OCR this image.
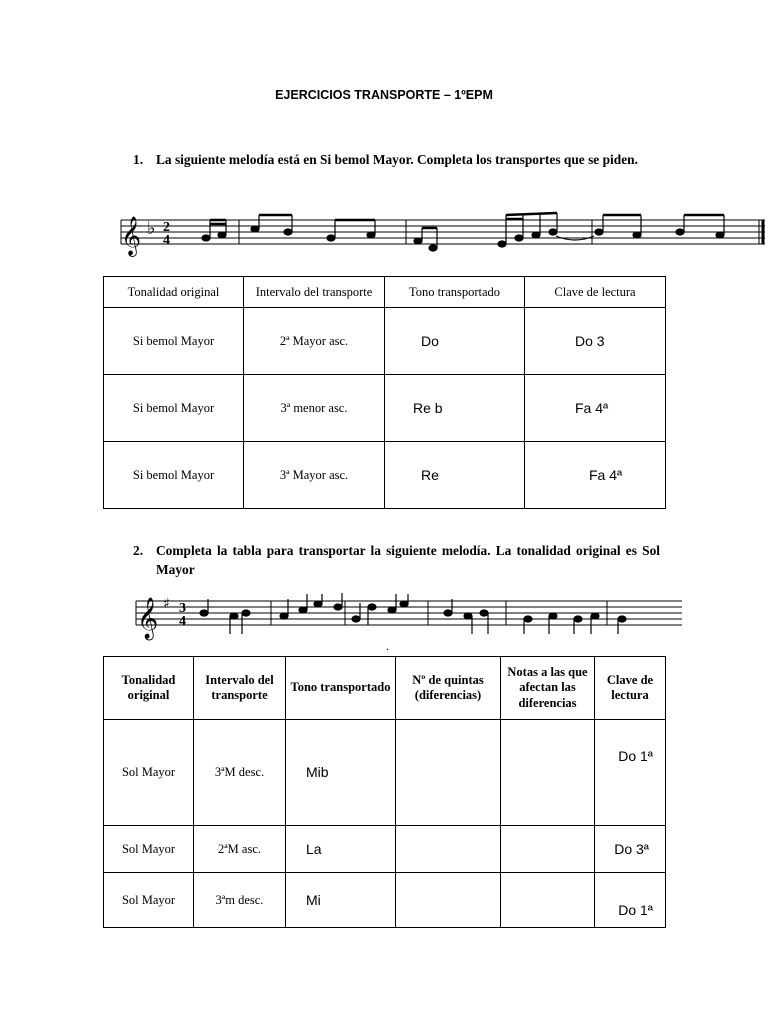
EJERCICIOS TRANSPORTE – 1ºEPM
1. La siguiente melodía está en Si bemol Mayor. Completa los transportes que se piden.
𝄞 ♭ 2
4
Tonalidad original	Intervalo del transporte	Tono transportado	Clave de lectura
Si bemol Mayor	2ª Mayor asc.	Do	Do 3
Si bemol Mayor	3ª menor asc.	Re b	Fa 4ª
Si bemol Mayor	3ª Mayor asc.	Re	Fa 4ª
2. Completa la tabla para transportar la siguiente melodía. La tonalidad original es Sol Mayor
𝄞 ♯ 3
4
.
Tonalidad original	Intervalo del transporte	Tono transportado	Nº de quintas (diferencias)	Notas a las que afectan las diferencias	Clave de lectura
Sol Mayor	3ªM desc.	Mib			Do 1ª
Sol Mayor	2ªM asc.	La			Do 3ª
Sol Mayor	3ªm desc.	Mi			Do 1ª
